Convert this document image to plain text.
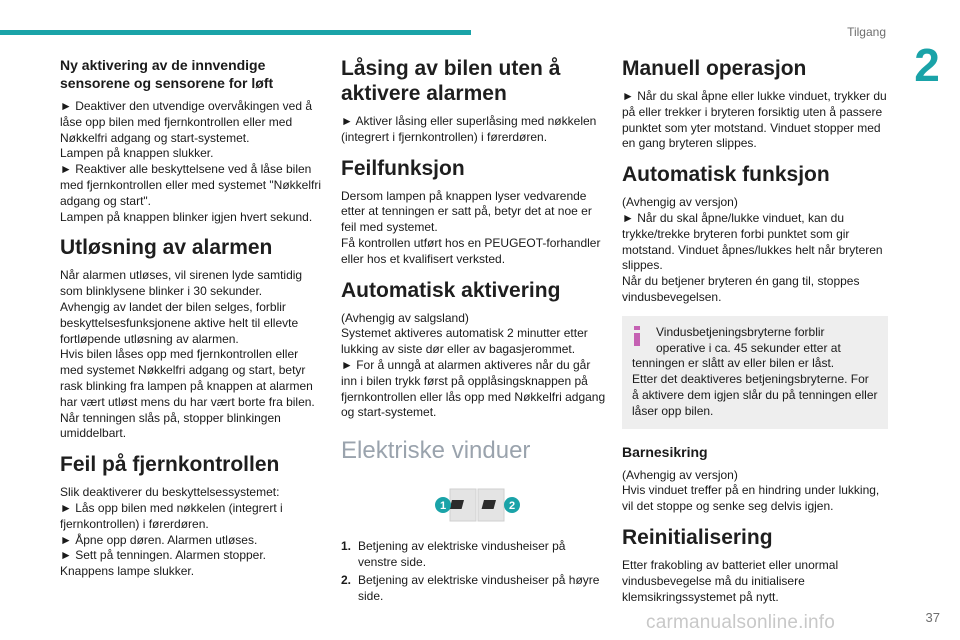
Tilgang
2
Ny aktivering av de innvendige sensorene og sensorene for løft

► Deaktiver den utvendige overvåkingen ved å låse opp bilen med fjernkontrollen eller med Nøkkelfri adgang og start-systemet.
Lampen på knappen slukker.
► Reaktiver alle beskyttelsene ved å låse bilen med fjernkontrollen eller med systemet "Nøkkelfri adgang og start".
Lampen på knappen blinker igjen hvert sekund.

Utløsning av alarmen

Når alarmen utløses, vil sirenen lyde samtidig som blinklysene blinker i 30 sekunder.
Avhengig av landet der bilen selges, forblir beskyttelsesfunksjonene aktive helt til ellevte fortløpende utløsning av alarmen.
Hvis bilen låses opp med fjernkontrollen eller med systemet Nøkkelfri adgang og start, betyr rask blinking fra lampen på knappen at alarmen har vært utløst mens du har vært borte fra bilen. Når tenningen slås på, stopper blinkingen umiddelbart.

Feil på fjernkontrollen

Slik deaktiverer du beskyttelsessystemet:
► Lås opp bilen med nøkkelen (integrert i fjernkontrollen) i førerdøren.
► Åpne opp døren. Alarmen utløses.
► Sett på tenningen. Alarmen stopper.
Knappens lampe slukker.

Låsing av bilen uten å aktivere alarmen

► Aktiver låsing eller superlåsing med nøkkelen (integrert i fjernkontrollen) i førerdøren.

Feilfunksjon

Dersom lampen på knappen lyser vedvarende etter at tenningen er satt på, betyr det at noe er feil med systemet.
Få kontrollen utført hos en PEUGEOT-forhandler eller hos et kvalifisert verksted.

Automatisk aktivering

(Avhengig av salgsland)
Systemet aktiveres automatisk 2 minutter etter lukking av siste dør eller av bagasjerommet.
► For å unngå at alarmen aktiveres når du går inn i bilen trykk først på opplåsingsknappen på fjernkontrollen eller lås opp med Nøkkelfri adgang og start-systemet.

Elektriske vinduer
1	2
1. Betjening av elektriske vindusheiser på venstre side.
2. Betjening av elektriske vindusheiser på høyre side.
Manuell operasjon

► Når du skal åpne eller lukke vinduet, trykker du på eller trekker i bryteren forsiktig uten å passere punktet som yter motstand. Vinduet stopper med en gang bryteren slippes.

Automatisk funksjon

(Avhengig av versjon)
► Når du skal åpne/lukke vinduet, kan du trykke/trekke bryteren forbi punktet som gir motstand. Vinduet åpnes/lukkes helt når bryteren slippes.
Når du betjener bryteren én gang til, stoppes vindusbevegelsen.

Vindusbetjeningsbryterne forblir
operative i ca. 45 sekunder etter at tenningen er slått av eller bilen er låst.
Etter det deaktiveres betjeningsbryterne. For å aktivere dem igjen slår du på tenningen eller låser opp bilen.

Barnesikring

(Avhengig av versjon)
Hvis vinduet treffer på en hindring under lukking, vil det stoppe og senke seg delvis igjen.

Reinitialisering

Etter frakobling av batteriet eller unormal vindusbevegelse må du initialisere klemsikringssystemet på nytt.

carmanualsonline.info	37
